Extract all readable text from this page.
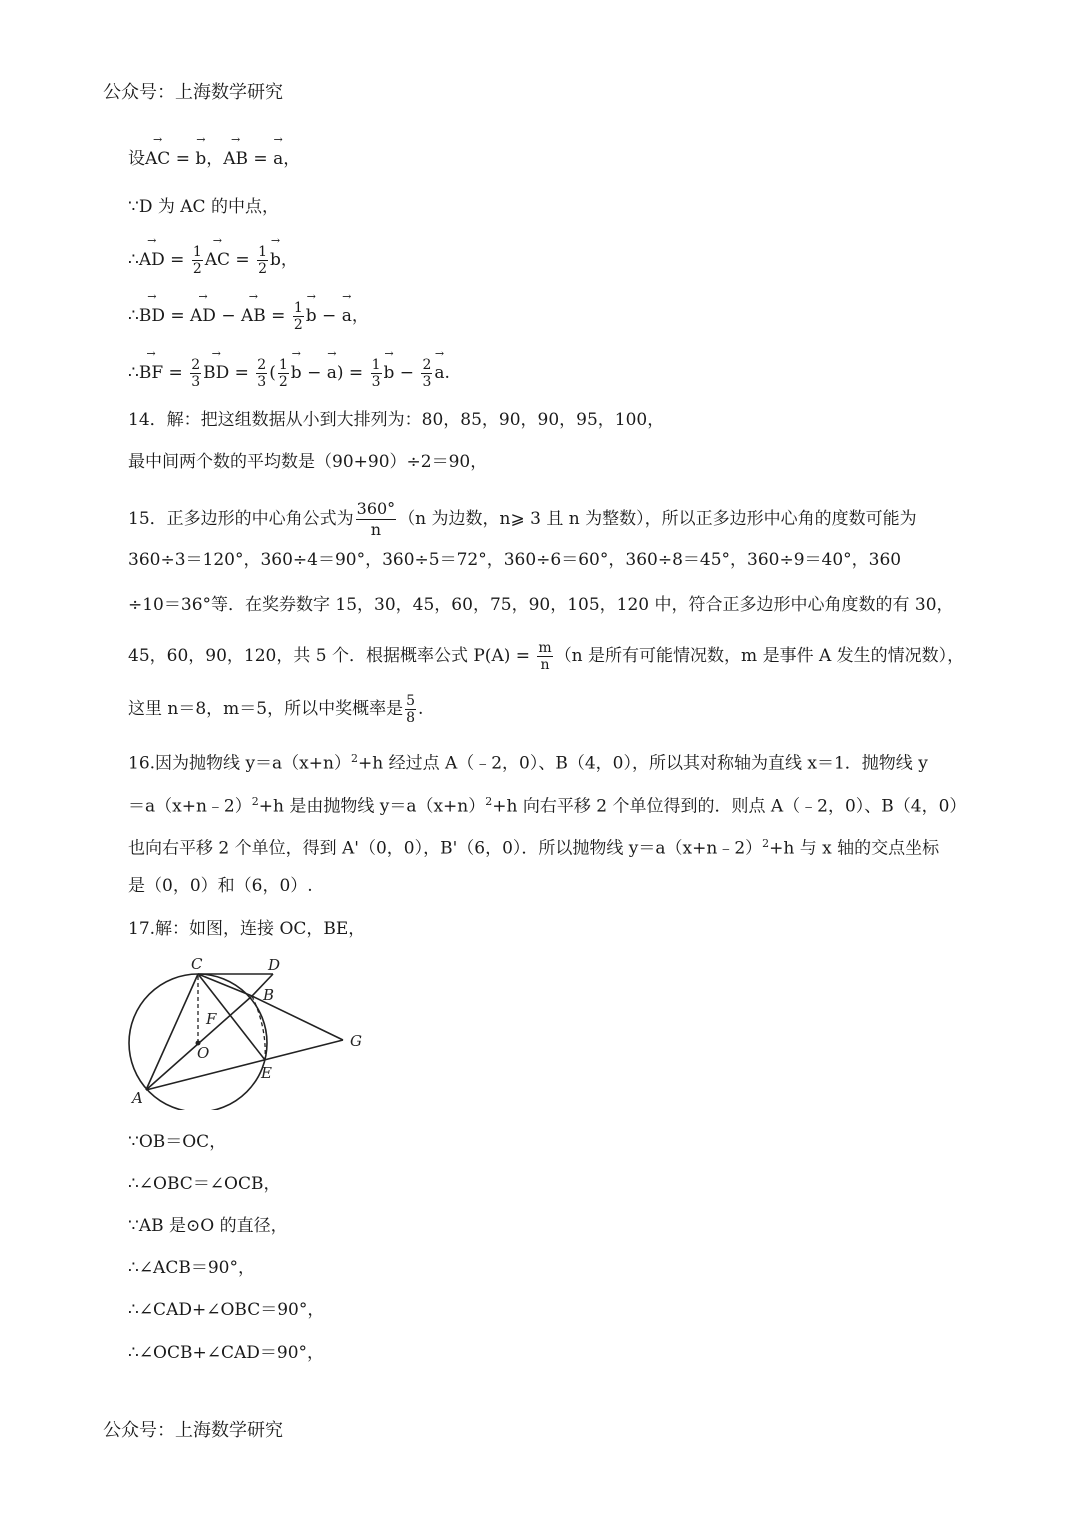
公众号：上海数学研究
设→ AC = → b，→ AB = → a，
∵D 为 AC 的中点，
∴→ AD = $\frac{1}{2}$
→ AC = $\frac{1}{2}$
→ b，
∴→ BD = → AD − → AB = $\frac{1}{2}$
→ b − → a，
∴→ BF = $\frac{2}{3}$
→ BD = $\frac{2}{3}$ ( $\frac{1}{2}$
→ b − → $a) = \frac{1}{3}$
→ $b - \frac{2}{3}$
→ a.
14．解：把这组数据从小到大排列为：80，85，90，90，95，100，
最中间两个数的平均数是（90+90）÷2＝90，
15．正多边形的中心角公式为 $\frac{360^\circ}{n} (n$ 为边数，n⩾ 3 且 n 为整数），所以正多边形中心角的度数可能为
360÷3＝120°，360÷4＝90°，360÷5＝72°，360÷6＝60°，360÷8＝45°，360÷9＝40°，360
÷10＝36°等．在奖券数字 15，30，45，60，75，90，105，120 中，符合正多边形中心角度数的有 30，
45，60，90，120，共 5 个．根据概率公式 $P(A) = \frac{m}{n} (n$ 是所有可能情况数，m 是事件 A 发生的情况数），
这里 n＝8，m＝5，所以中奖概率是 $\frac{5}{8}$ .
16.因为抛物线 $y=a(x+n)^2+h$ 经过点 A（﹣2，0）、B（4，0），所以其对称轴为直线 x＝1．抛物线 y
＝a（x+n﹣2）$^2$+h 是由抛物线 $y=a(x+n)^2+h$ 向右平移 2 个单位得到的．则点 A（﹣2，0）、B（4，0）
也向右平移 2 个单位，得到 A'（0，0），B'（6，0）．所以抛物线 y＝a（x+n﹣2）$^2$+h 与 x 轴的交点坐标
是（0，0）和（6，0）.
17.解：如图，连接 OC，BE，
C	D
B
F
O
G
E
A
∵OB＝OC，
∴∠OBC＝∠OCB，
∵AB 是⊙O 的直径，
∴∠ACB＝90°，
∴∠CAD+∠OBC＝90°，
∴∠OCB+∠CAD＝90°，
公众号：上海数学研究
